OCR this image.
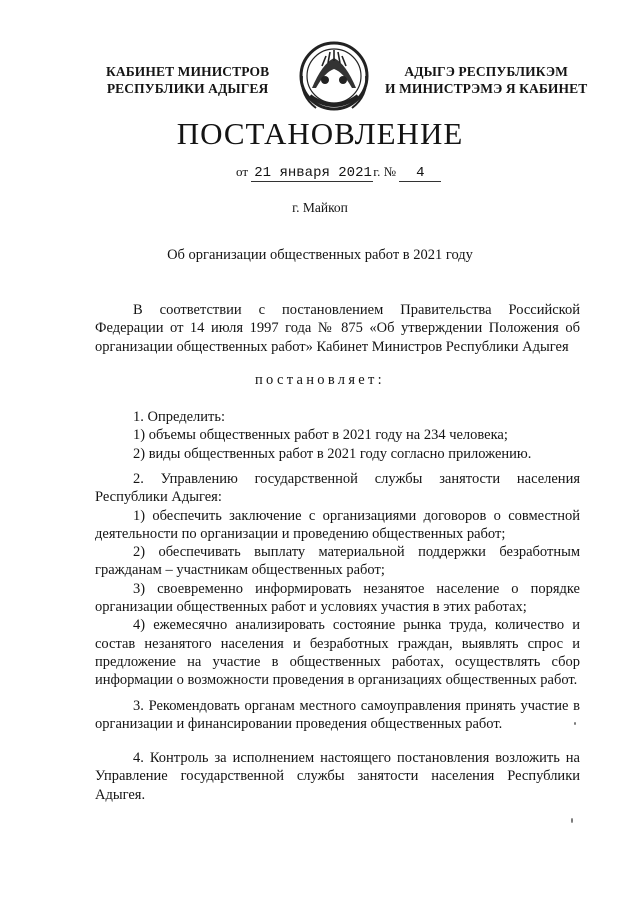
КАБИНЕТ МИНИСТРОВ
РЕСПУБЛИКИ АДЫГЕЯ
АДЫГЭ РЕСПУБЛИКЭМ
И МИНИСТРЭМЭ Я КАБИНЕТ
ПОСТАНОВЛЕНИЕ
от 21 января 2021г. № 4
г. Майкоп
Об организации общественных работ в 2021 году
В соответствии с постановлением Правительства Российской Федерации от 14 июля 1997 года № 875 «Об утверждении Положения об организации общественных работ» Кабинет Министров Республики Адыгея
постановляет:
1. Определить:
1) объемы общественных работ в 2021 году на 234 человека;
2) виды общественных работ в 2021 году согласно приложению.
2. Управлению государственной службы занятости населения Республики Адыгея:
1) обеспечить заключение с организациями договоров о совместной деятельности по организации и проведению общественных работ;
2) обеспечивать выплату материальной поддержки безработным гражданам – участникам общественных работ;
3) своевременно информировать незанятое население о порядке организации общественных работ и условиях участия в этих работах;
4) ежемесячно анализировать состояние рынка труда, количество и состав незанятого населения и безработных граждан, выявлять спрос и предложение на участие в общественных работах, осуществлять сбор информации о возможности проведения в организациях общественных работ.
3. Рекомендовать органам местного самоуправления принять участие в организации и финансировании проведения общественных работ.
4. Контроль за исполнением настоящего постановления возложить на Управление государственной службы занятости населения Республики Адыгея.
